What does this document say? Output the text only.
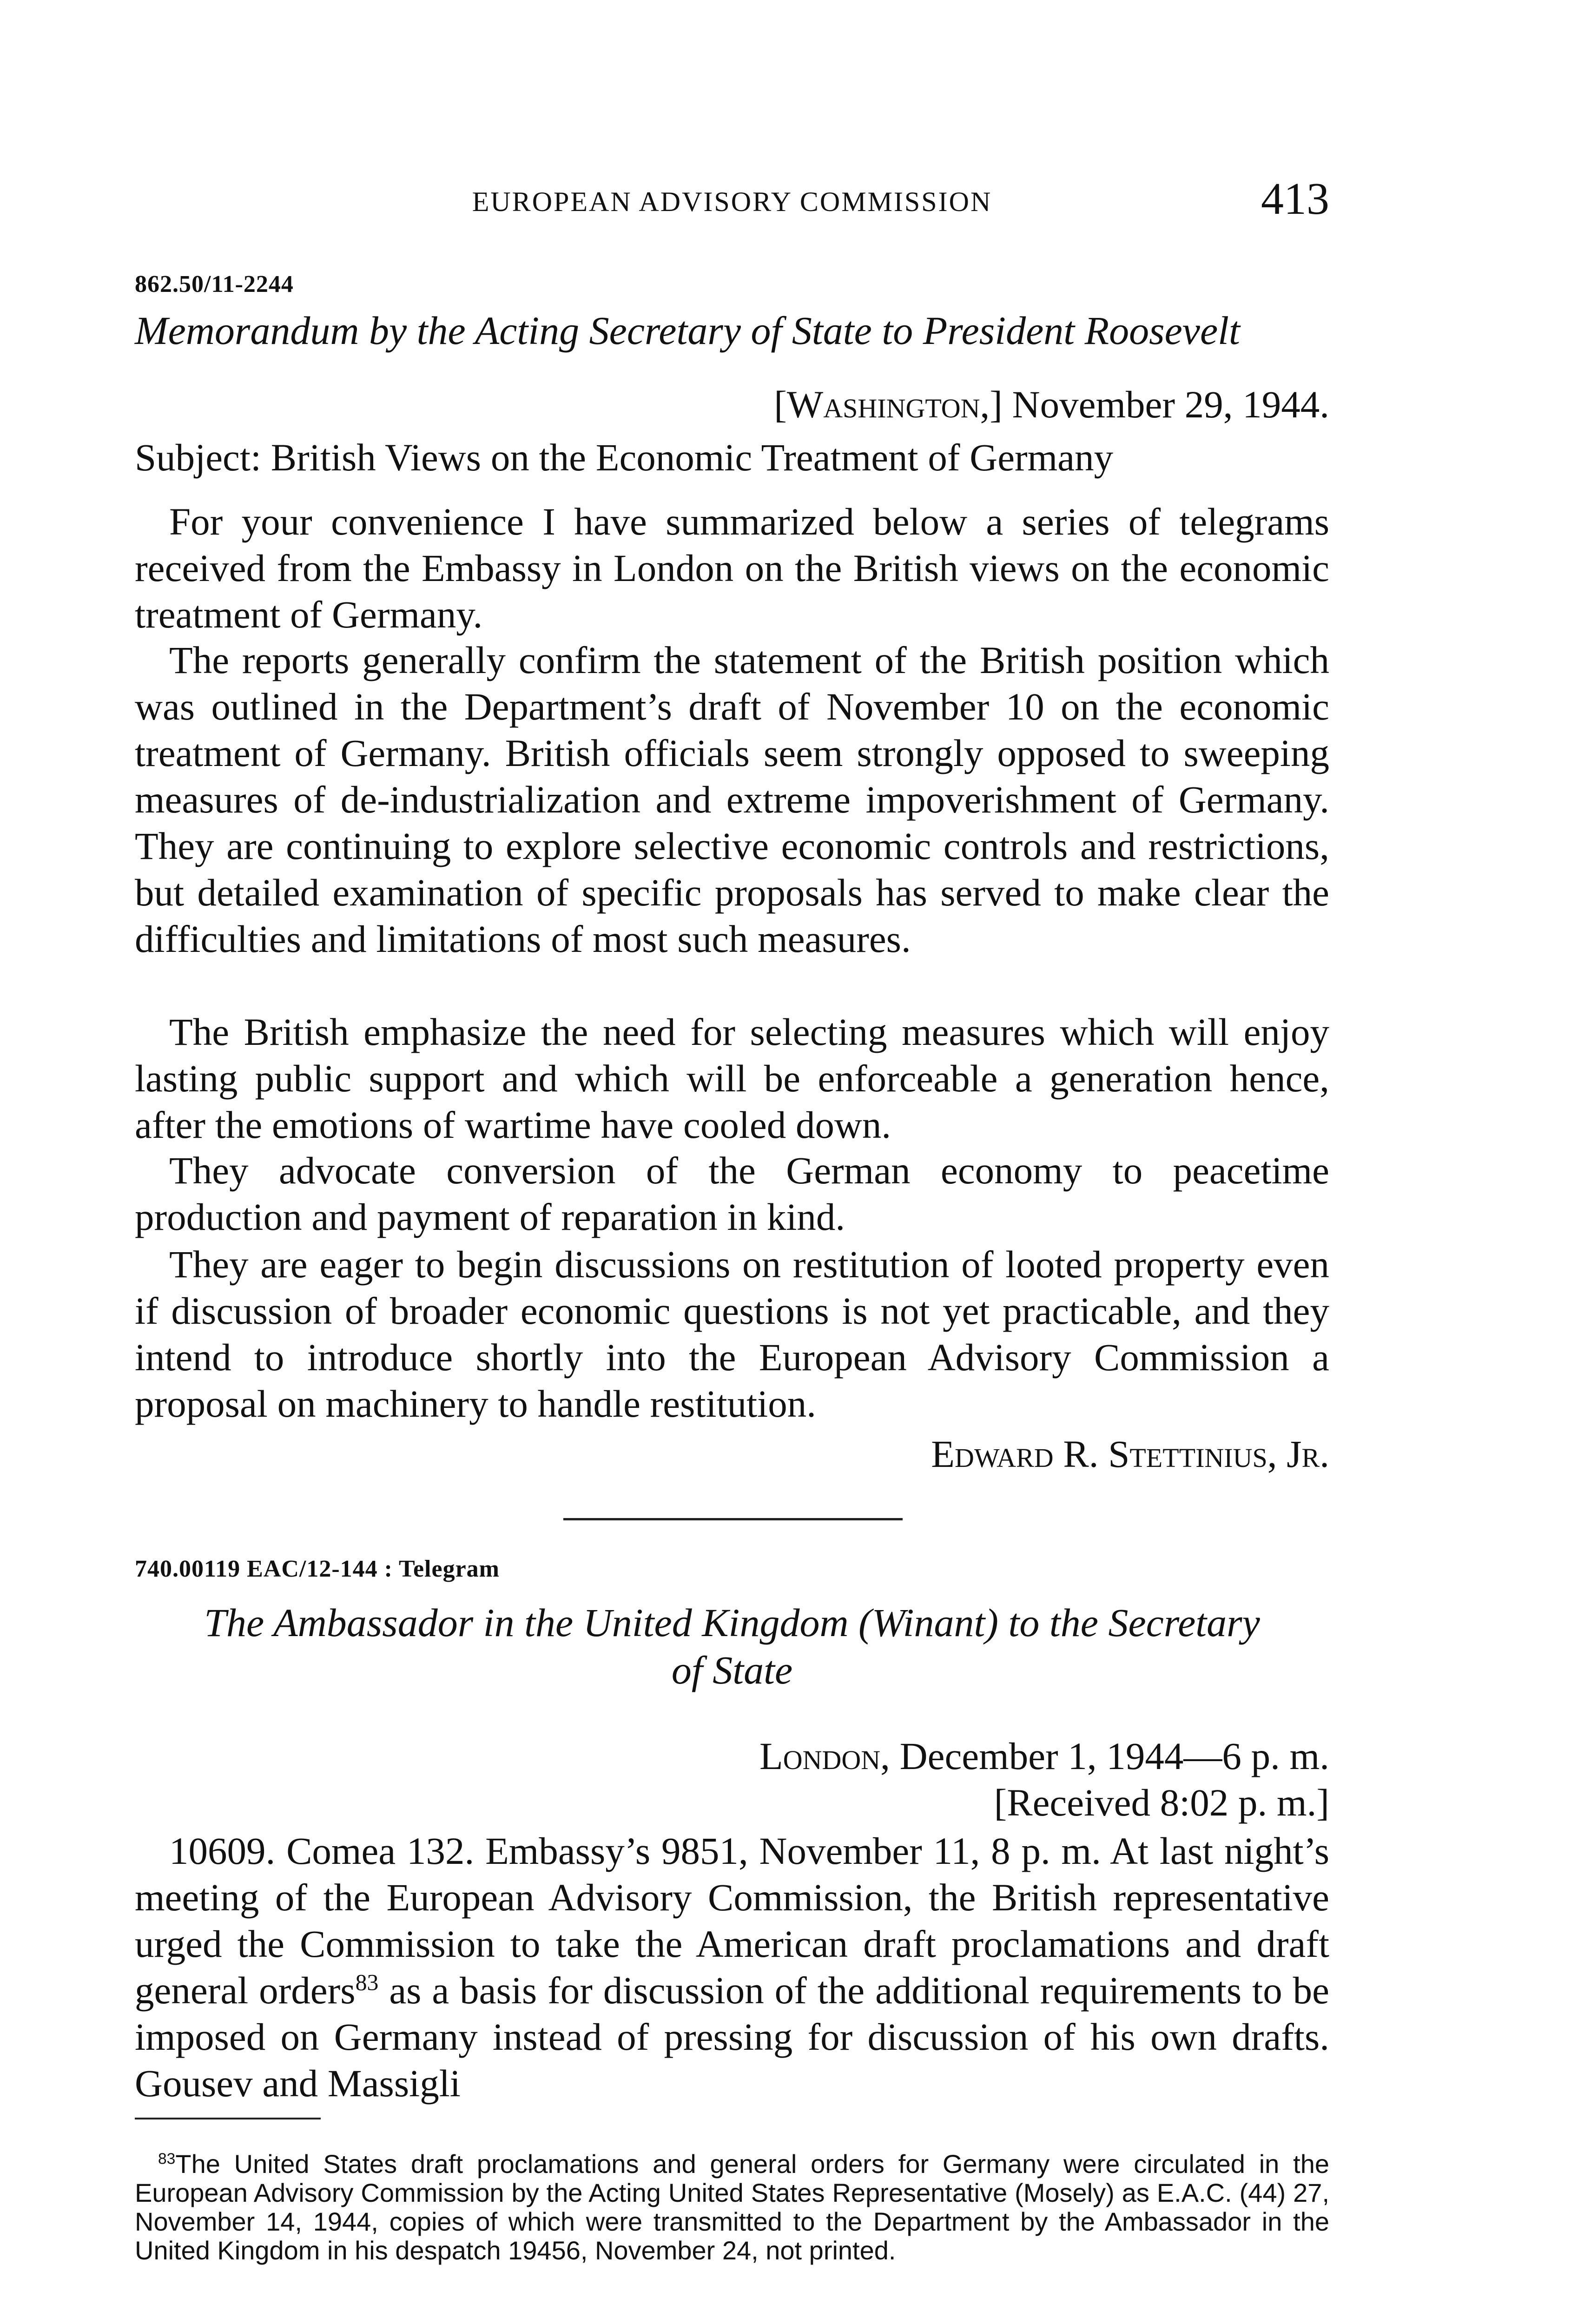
EUROPEAN ADVISORY COMMISSION	413
862.50/11-2244
Memorandum by the Acting Secretary of State to President Roosevelt
[Washington,] November 29, 1944.
Subject: British Views on the Economic Treatment of Germany

For your convenience I have summarized below a series of telegrams received from the Embassy in London on the British views on the economic treatment of Germany.

The reports generally confirm the statement of the British position which was outlined in the Department’s draft of November 10 on the economic treatment of Germany. British officials seem strongly opposed to sweeping measures of de-industrialization and extreme impoverishment of Germany. They are continuing to explore selective economic controls and restrictions, but detailed examination of specific proposals has served to make clear the difficulties and limitations of most such measures.

The British emphasize the need for selecting measures which will enjoy lasting public support and which will be enforceable a generation hence, after the emotions of wartime have cooled down.

They advocate conversion of the German economy to peacetime production and payment of reparation in kind.

They are eager to begin discussions on restitution of looted property even if discussion of broader economic questions is not yet practicable, and they intend to introduce shortly into the European Advisory Commission a proposal on machinery to handle restitution.

Edward R. Stettinius, Jr.
740.00119 EAC/12-144 : Telegram
The Ambassador in the United Kingdom (Winant) to the Secretary
of State
London, December 1, 1944—6 p. m.
[Received 8:02 p. m.]

10609. Comea 132. Embassy’s 9851, November 11, 8 p. m. At last night’s meeting of the European Advisory Commission, the British representative urged the Commission to take the American draft proclamations and draft general orders$^{83}$ as a basis for discussion of the additional requirements to be imposed on Germany instead of pressing for discussion of his own drafts. Gousev and Massigli

$^{83}$The United States draft proclamations and general orders for Germany were circulated in the European Advisory Commission by the Acting United States Representative (Mosely) as E.A.C. (44) 27, November 14, 1944, copies of which were transmitted to the Department by the Ambassador in the United Kingdom in his despatch 19456, November 24, not printed.
